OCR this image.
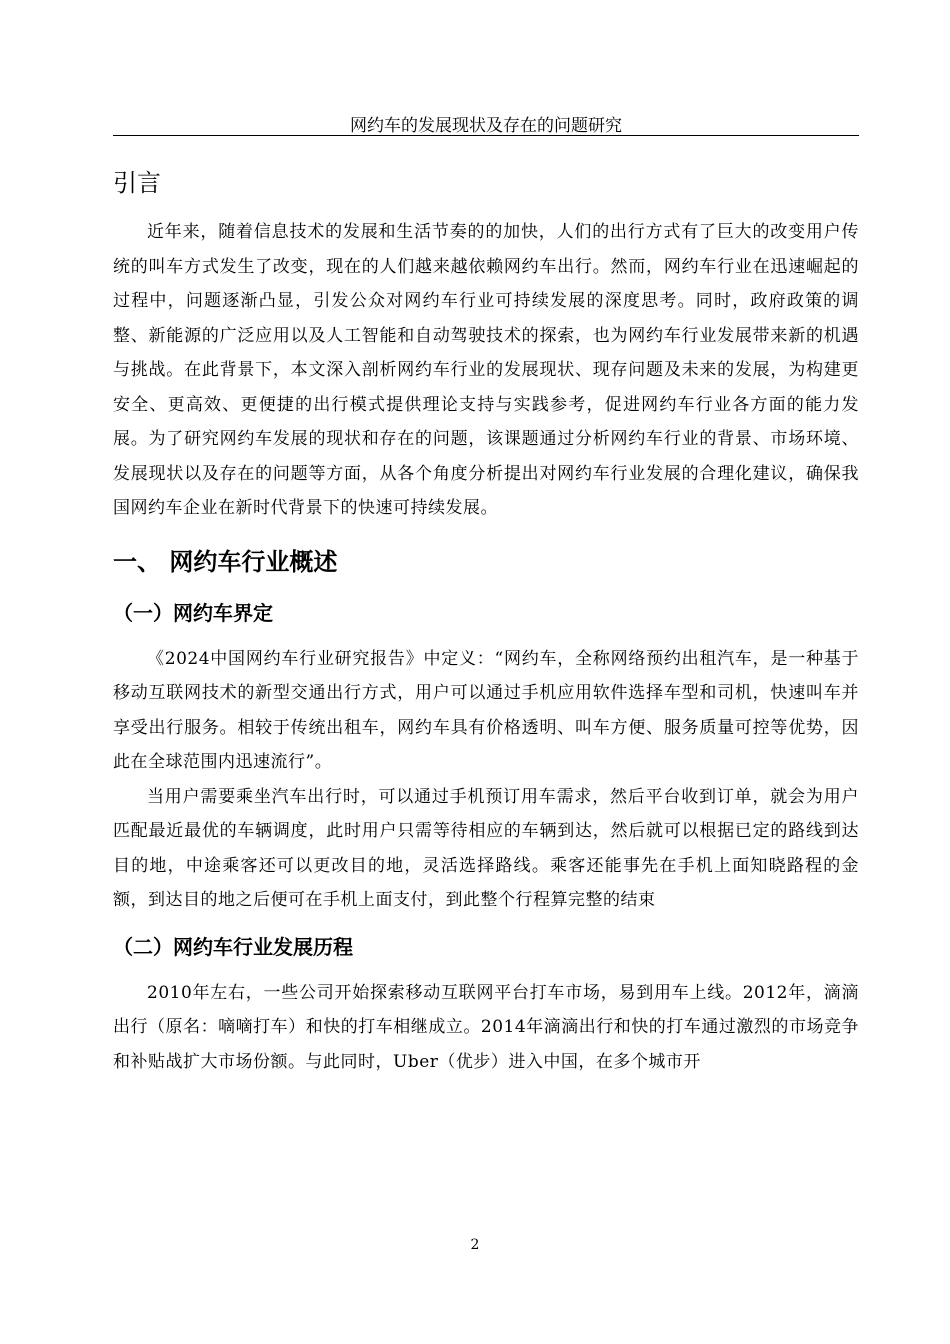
网约车的发展现状及存在的问题研究
引言

近年来，随着信息技术的发展和生活节奏的的加快，人们的出行方式有了巨大的改变用户传统的叫车方式发生了改变，现在的人们越来越依赖网约车出行。然而，网约车行业在迅速崛起的过程中，问题逐渐凸显，引发公众对网约车行业可持续发展的深度思考。同时，政府政策的调整、新能源的广泛应用以及人工智能和自动驾驶技术的探索，也为网约车行业发展带来新的机遇与挑战。在此背景下，本文深入剖析网约车行业的发展现状、现存问题及未来的发展，为构建更安全、更高效、更便捷的出行模式提供理论支持与实践参考，促进网约车行业各方面的能力发展。为了研究网约车发展的现状和存在的问题，该课题通过分析网约车行业的背景、市场环境、发展现状以及存在的问题等方面，从各个角度分析提出对网约车行业发展的合理化建议，确保我国网约车企业在新时代背景下的快速可持续发展。

一、 网约车行业概述
（一）网约车界定

《2024中国网约车行业研究报告》中定义：“网约车，全称网络预约出租汽车，是一种基于移动互联网技术的新型交通出行方式，用户可以通过手机应用软件选择车型和司机，快速叫车并享受出行服务。相较于传统出租车，网约车具有价格透明、叫车方便、服务质量可控等优势，因此在全球范围内迅速流行”。

当用户需要乘坐汽车出行时，可以通过手机预订用车需求，然后平台收到订单，就会为用户匹配最近最优的车辆调度，此时用户只需等待相应的车辆到达，然后就可以根据已定的路线到达目的地，中途乘客还可以更改目的地，灵活选择路线。乘客还能事先在手机上面知晓路程的金额，到达目的地之后便可在手机上面支付，到此整个行程算完整的结束

（二）网约车行业发展历程

2010年左右，一些公司开始探索移动互联网平台打车市场，易到用车上线。2012年，滴滴出行（原名：嘀嘀打车）和快的打车相继成立。2014年滴滴出行和快的打车通过激烈的市场竞争和补贴战扩大市场份额。与此同时，Uber（优步）进入中国，在多个城市开

2
